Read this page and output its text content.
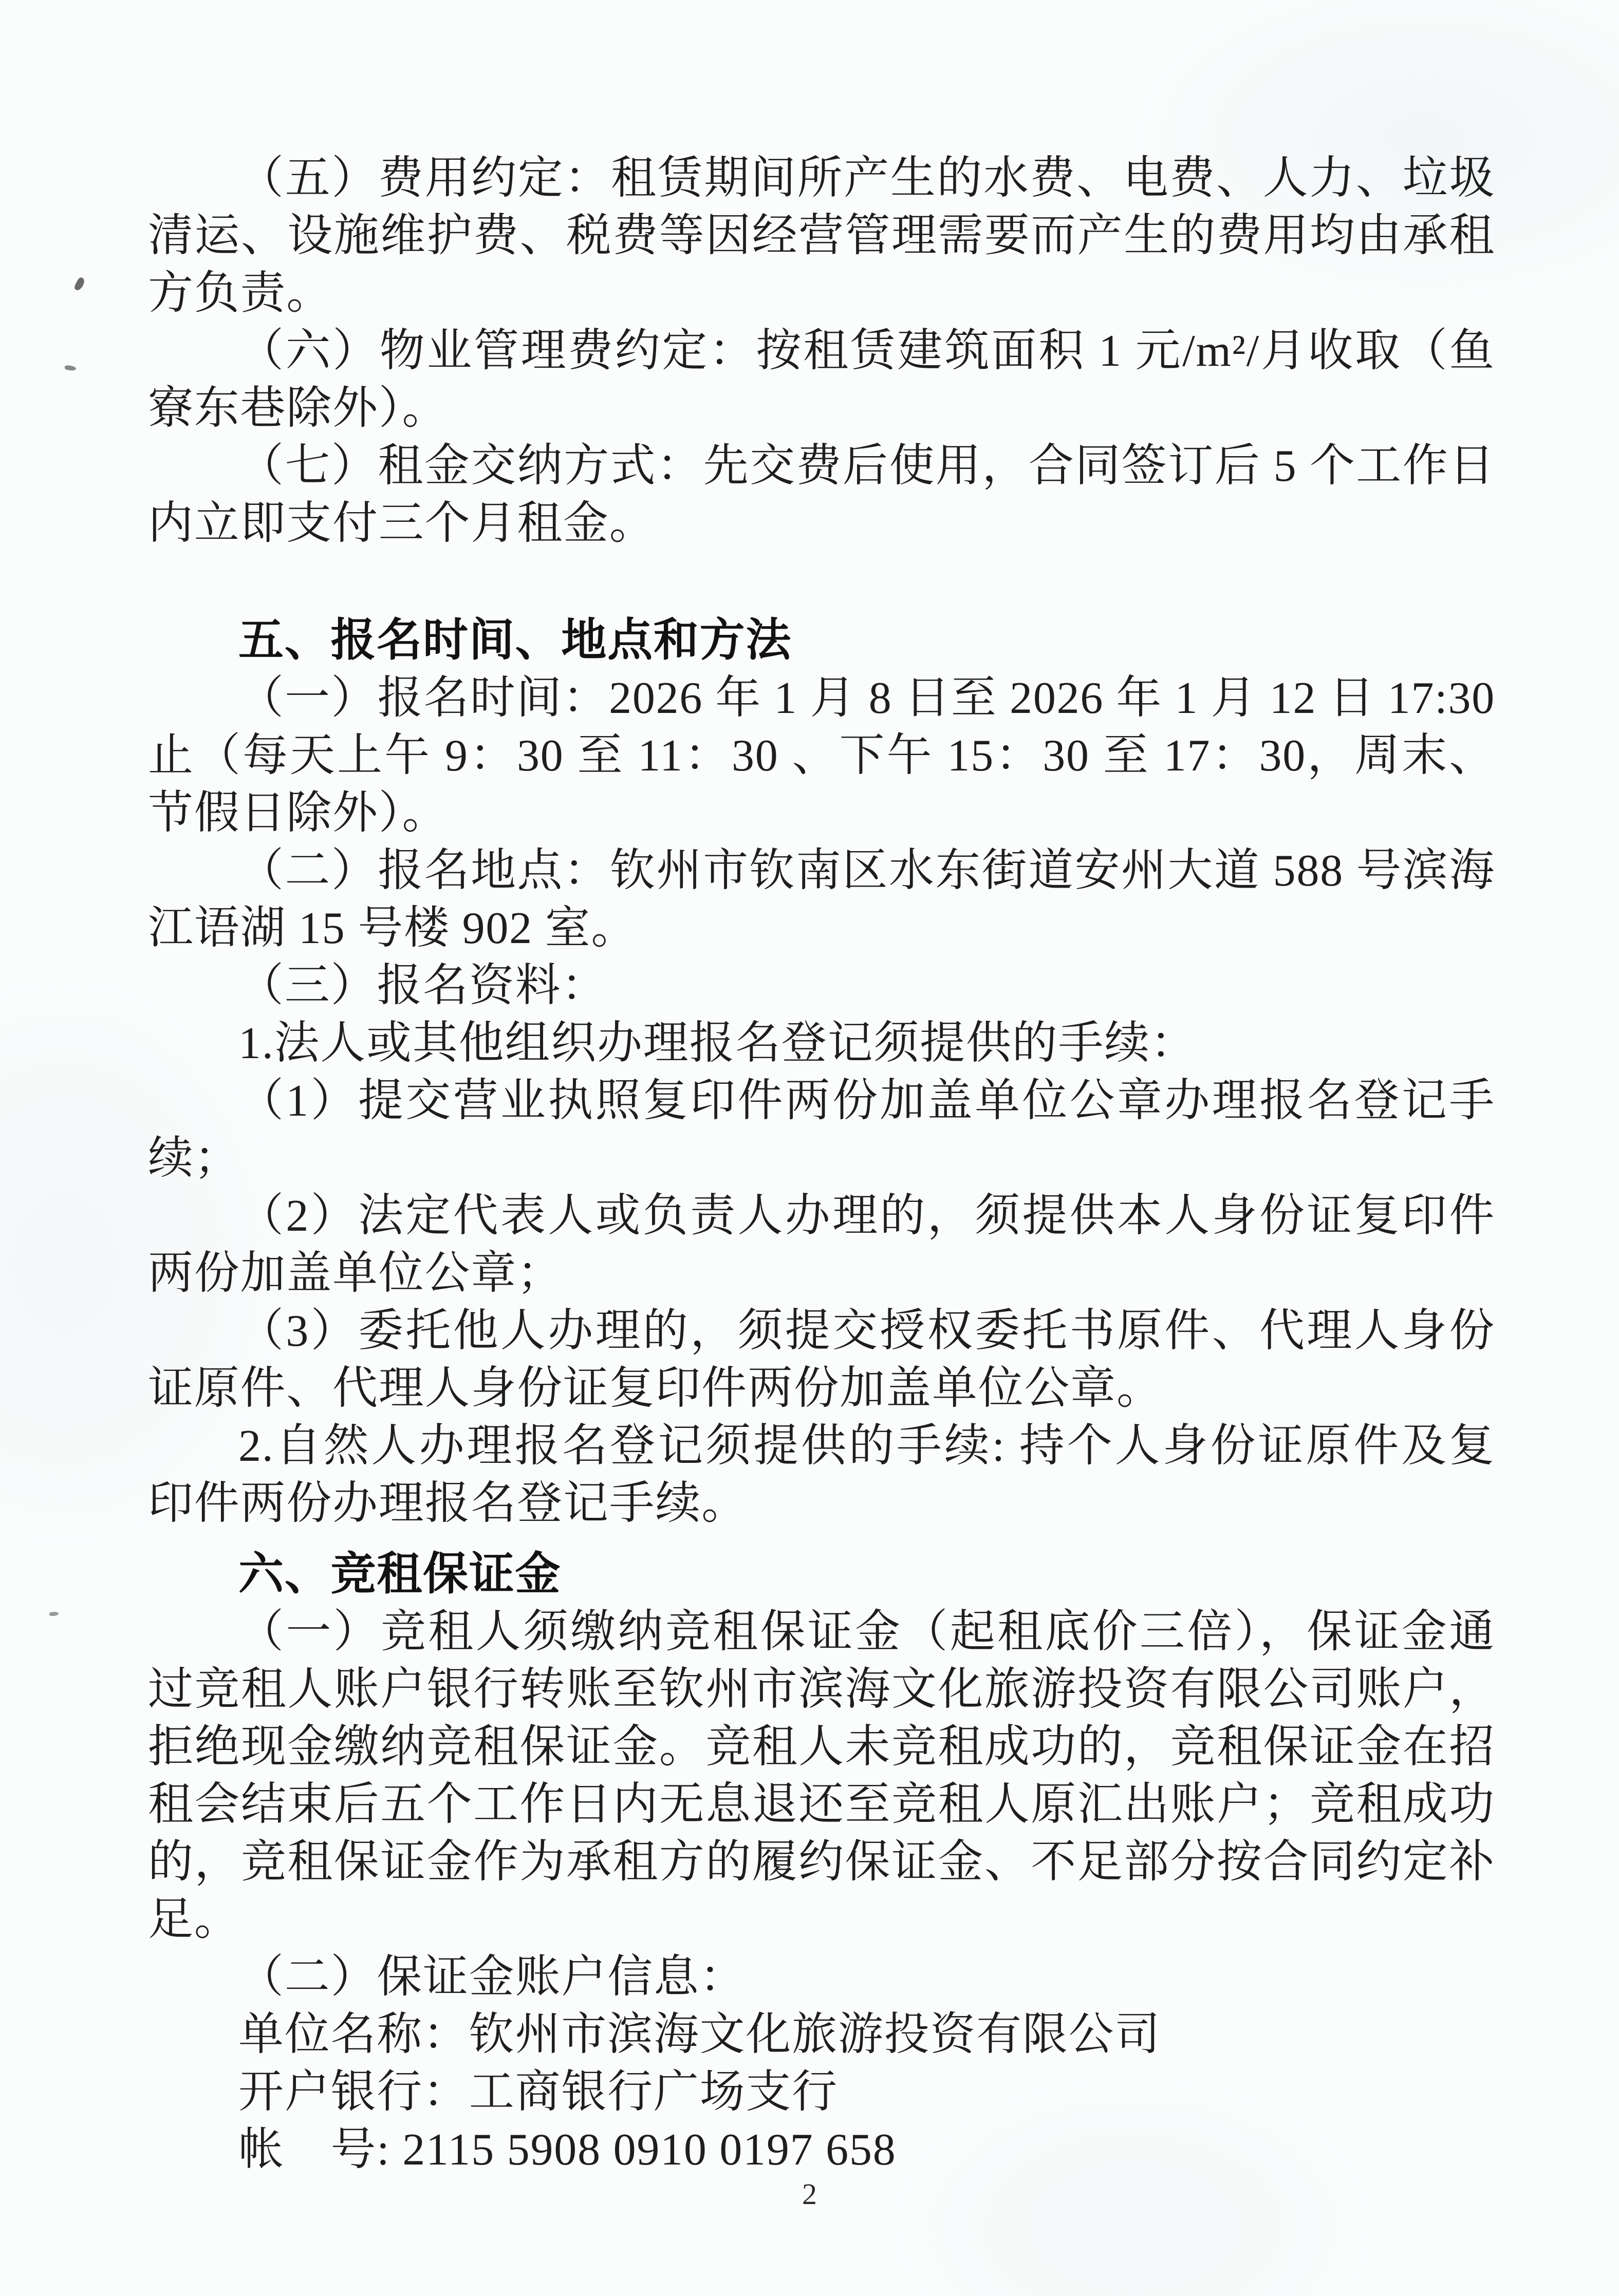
（五）费用约定：租赁期间所产生的水费、电费、人力、垃圾清运、设施维护费、税费等因经营管理需要而产生的费用均由承租方负责。

（六）物业管理费约定：按租赁建筑面积 1 元/m²/月收取（鱼寮东巷除外）。

（七）租金交纳方式：先交费后使用，合同签订后 5 个工作日内立即支付三个月租金。

五、报名时间、地点和方法

（一）报名时间：2026 年 1 月 8 日至 2026 年 1 月 12 日 17:30 止（每天上午 9：30 至 11：30 、下午 15：30 至 17：30，周末、节假日除外）。

（二）报名地点：钦州市钦南区水东街道安州大道 588 号滨海江语湖 15 号楼 902 室。

（三）报名资料：

1.法人或其他组织办理报名登记须提供的手续：

（1）提交营业执照复印件两份加盖单位公章办理报名登记手续；

（2）法定代表人或负责人办理的，须提供本人身份证复印件两份加盖单位公章；

（3）委托他人办理的，须提交授权委托书原件、代理人身份证原件、代理人身份证复印件两份加盖单位公章。

2.自然人办理报名登记须提供的手续: 持个人身份证原件及复印件两份办理报名登记手续。

六、竞租保证金

（一）竞租人须缴纳竞租保证金（起租底价三倍），保证金通过竞租人账户银行转账至钦州市滨海文化旅游投资有限公司账户，拒绝现金缴纳竞租保证金。竞租人未竞租成功的，竞租保证金在招租会结束后五个工作日内无息退还至竞租人原汇出账户；竞租成功的，竞租保证金作为承租方的履约保证金、不足部分按合同约定补足。

（二）保证金账户信息：

单位名称：钦州市滨海文化旅游投资有限公司

开户银行：工商银行广场支行

帐　号: 2115 5908 0910 0197 658

2
